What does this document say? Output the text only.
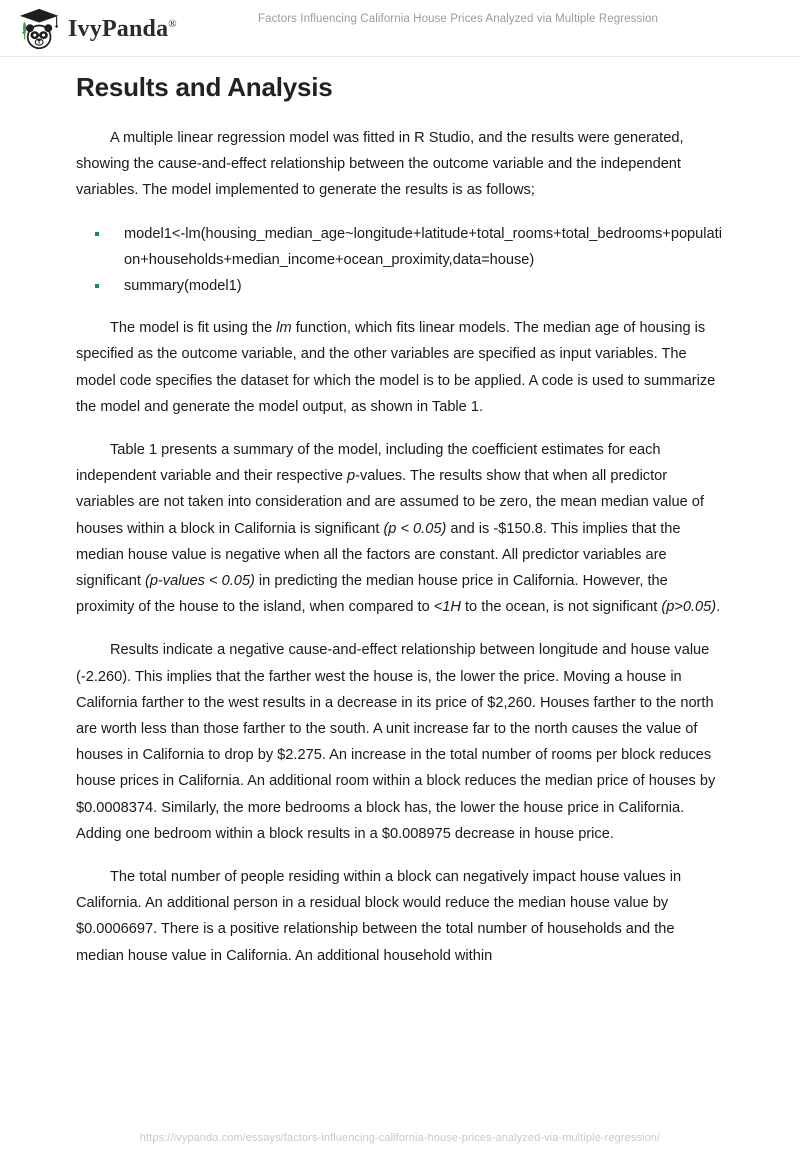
IvyPanda®	Factors Influencing California House Prices Analyzed via Multiple Regression
Results and Analysis

A multiple linear regression model was fitted in R Studio, and the results were generated, showing the cause-and-effect relationship between the outcome variable and the independent variables. The model implemented to generate the results is as follows;

model1<-lm(housing_median_age~longitude+latitude+total_rooms+total_bedrooms+population+households+median_income+ocean_proximity,data=house)
summary(model1)

The model is fit using the lm function, which fits linear models. The median age of housing is specified as the outcome variable, and the other variables are specified as input variables. The model code specifies the dataset for which the model is to be applied. A code is used to summarize the model and generate the model output, as shown in Table 1.

Table 1 presents a summary of the model, including the coefficient estimates for each independent variable and their respective p-values. The results show that when all predictor variables are not taken into consideration and are assumed to be zero, the mean median value of houses within a block in California is significant (p < 0.05) and is -$150.8. This implies that the median house value is negative when all the factors are constant. All predictor variables are significant (p-values < 0.05) in predicting the median house price in California. However, the proximity of the house to the island, when compared to <1H to the ocean, is not significant (p>0.05).

Results indicate a negative cause-and-effect relationship between longitude and house value (-2.260). This implies that the farther west the house is, the lower the price. Moving a house in California farther to the west results in a decrease in its price of $2,260. Houses farther to the north are worth less than those farther to the south. A unit increase far to the north causes the value of houses in California to drop by $2.275. An increase in the total number of rooms per block reduces house prices in California. An additional room within a block reduces the median price of houses by $0.0008374. Similarly, the more bedrooms a block has, the lower the house price in California. Adding one bedroom within a block results in a $0.008975 decrease in house price.

The total number of people residing within a block can negatively impact house values in California. An additional person in a residual block would reduce the median house value by $0.0006697. There is a positive relationship between the total number of households and the median house value in California. An additional household within

https://ivypanda.com/essays/factors-influencing-california-house-prices-analyzed-via-multiple-regression/
